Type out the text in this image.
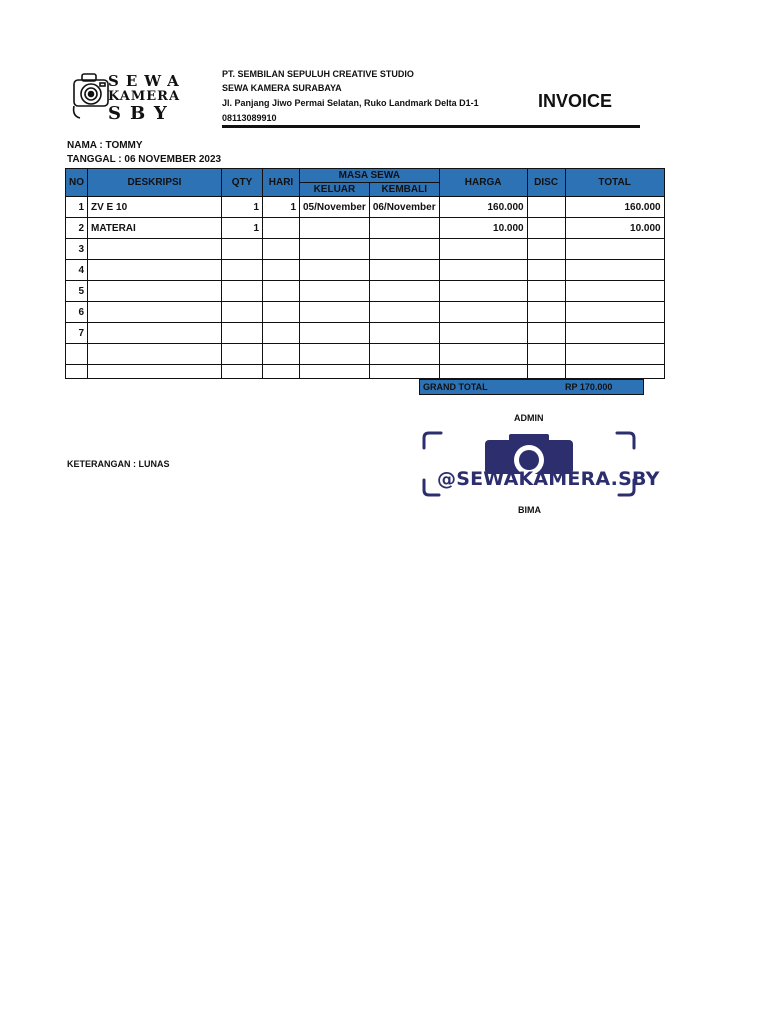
SEWA
KAMERA
SBY
PT. SEMBILAN SEPULUH CREATIVE STUDIO
SEWA KAMERA SURABAYA
Jl. Panjang Jiwo Permai Selatan, Ruko Landmark Delta D1-1
08113089910
INVOICE
NAMA : TOMMY
TANGGAL : 06 NOVEMBER 2023
NO	DESKRIPSI	QTY	HARI	MASA SEWA		HARGA	DISC	TOTAL
				KELUAR	KEMBALI			
1	ZV E 10	1	1	05/November	06/November	160.000		160.000
2	MATERAI	1				10.000		10.000
3								
4								
5								
6								
7								

GRAND TOTAL	RP 170.000
ADMIN
@SEWAKAMERA.SBY
BIMA
KETERANGAN : LUNAS
